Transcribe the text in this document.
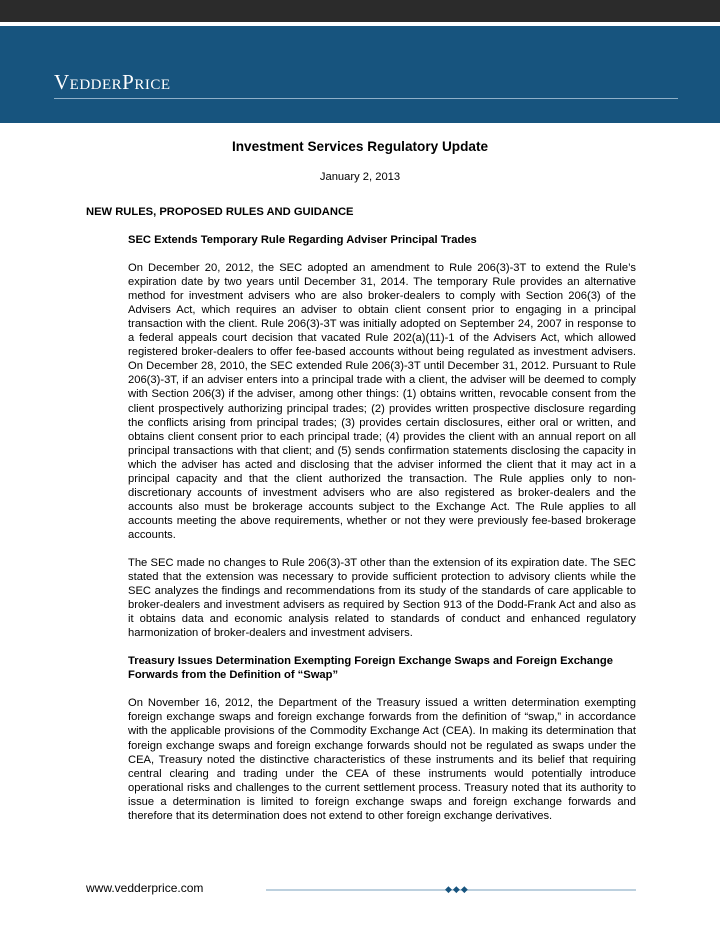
VedderPrice
Investment Services Regulatory Update
January 2, 2013
NEW RULES, PROPOSED RULES AND GUIDANCE
SEC Extends Temporary Rule Regarding Adviser Principal Trades

On December 20, 2012, the SEC adopted an amendment to Rule 206(3)-3T to extend the Rule’s expiration date by two years until December 31, 2014. The temporary Rule provides an alternative method for investment advisers who are also broker-dealers to comply with Section 206(3) of the Advisers Act, which requires an adviser to obtain client consent prior to engaging in a principal transaction with the client. Rule 206(3)-3T was initially adopted on September 24, 2007 in response to a federal appeals court decision that vacated Rule 202(a)(11)-1 of the Advisers Act, which allowed registered broker-dealers to offer fee-based accounts without being regulated as investment advisers. On December 28, 2010, the SEC extended Rule 206(3)-3T until December 31, 2012. Pursuant to Rule 206(3)-3T, if an adviser enters into a principal trade with a client, the adviser will be deemed to comply with Section 206(3) if the adviser, among other things: (1) obtains written, revocable consent from the client prospectively authorizing principal trades; (2) provides written prospective disclosure regarding the conflicts arising from principal trades; (3) provides certain disclosures, either oral or written, and obtains client consent prior to each principal trade; (4) provides the client with an annual report on all principal transactions with that client; and (5) sends confirmation statements disclosing the capacity in which the adviser has acted and disclosing that the adviser informed the client that it may act in a principal capacity and that the client authorized the transaction. The Rule applies only to non-discretionary accounts of investment advisers who are also registered as broker-dealers and the accounts also must be brokerage accounts subject to the Exchange Act. The Rule applies to all accounts meeting the above requirements, whether or not they were previously fee-based brokerage accounts.

The SEC made no changes to Rule 206(3)-3T other than the extension of its expiration date. The SEC stated that the extension was necessary to provide sufficient protection to advisory clients while the SEC analyzes the findings and recommendations from its study of the standards of care applicable to broker-dealers and investment advisers as required by Section 913 of the Dodd-Frank Act and also as it obtains data and economic analysis related to standards of conduct and enhanced regulatory harmonization of broker-dealers and investment advisers.

Treasury Issues Determination Exempting Foreign Exchange Swaps and Foreign Exchange Forwards from the Definition of “Swap”

On November 16, 2012, the Department of the Treasury issued a written determination exempting foreign exchange swaps and foreign exchange forwards from the definition of “swap,” in accordance with the applicable provisions of the Commodity Exchange Act (CEA). In making its determination that foreign exchange swaps and foreign exchange forwards should not be regulated as swaps under the CEA, Treasury noted the distinctive characteristics of these instruments and its belief that requiring central clearing and trading under the CEA of these instruments would potentially introduce operational risks and challenges to the current settlement process. Treasury noted that its authority to issue a determination is limited to foreign exchange swaps and foreign exchange forwards and therefore that its determination does not extend to other foreign exchange derivatives.

www.vedderprice.com	◆◆◆
